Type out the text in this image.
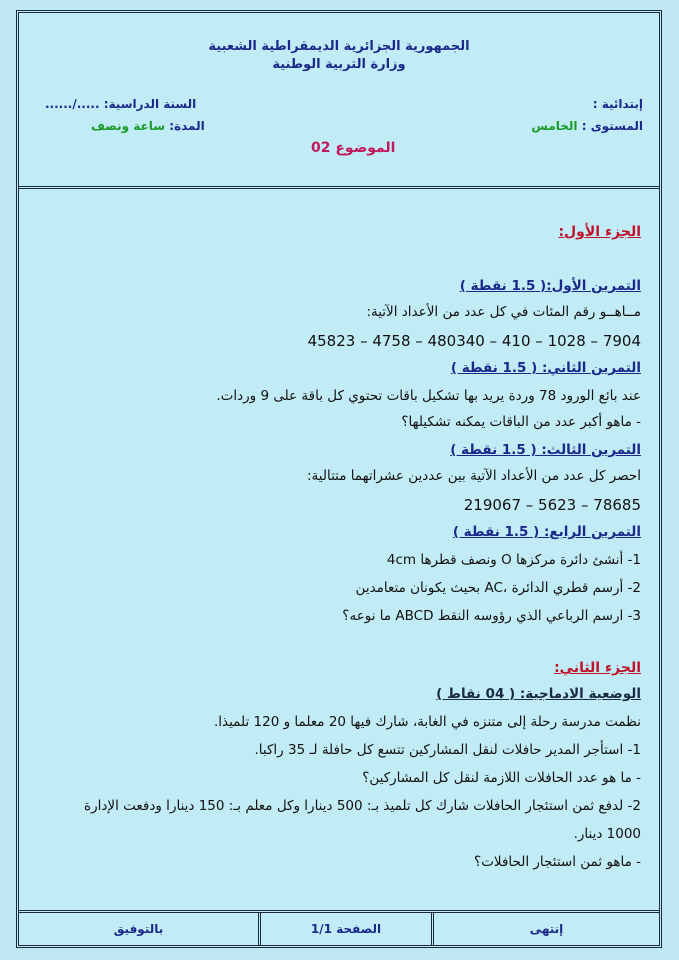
الجمهورية الجزائرية الديمقراطية الشعبية
وزارة التربية الوطنية
إبتدائية :
المستوى : الخامس
السنة الدراسية: ...../......
المدة: ساعة ونصف
الموضوع 02
الجزء الأول:
التمرين الأول:( 1.5 نقطة )
مــاهــو رقم المئات في كل عدد من الأعداد الآتية:
7904 – 1028 – 410 – 480340 – 4758 – 45823
التمرين الثاني: ( 1.5 نقطة )
عند بائع الورود 78 وردة يريد بها تشكيل باقات تحتوي كل باقة على 9 وردات.
- ماهو أكبر عدد من الباقات يمكنه تشكيلها؟
التمرين الثالث: ( 1.5 نقطة )
احصر كل عدد من الأعداد الآتية بين عددين عشراتهما متتالية:
78685 – 5623 – 219067
التمرين الرابع: ( 1.5 نقطة )
1- أنشئ دائرة مركزها O ونصف قطرها 4cm
2- أرسم قطري الدائرة ،AC بحيث يكونان متعامدين
3- ارسم الرباعي الذي رؤوسه النقط ABCD ما نوعه؟
الجزء الثاني:
الوضعية الادماجية: ( 04 نقاط )
نظمت مدرسة رحلة إلى متنزه في الغابة، شارك فيها 20 معلما و 120 تلميذا.
1- استأجر المدير حافلات لنقل المشاركين تتسع كل حافلة لـ 35 راكبا.
- ما هو عدد الحافلات اللازمة لنقل كل المشاركين؟
2- لدفع ثمن استئجار الحافلات شارك كل تلميذ بـ: 500 دينارا وكل معلم بـ: 150 دينارا ودفعت الإدارة
1000 دينار.
- ماهو ثمن استئجار الحافلات؟
إنتهى
الصفحة 1/1
بالتوفيق
